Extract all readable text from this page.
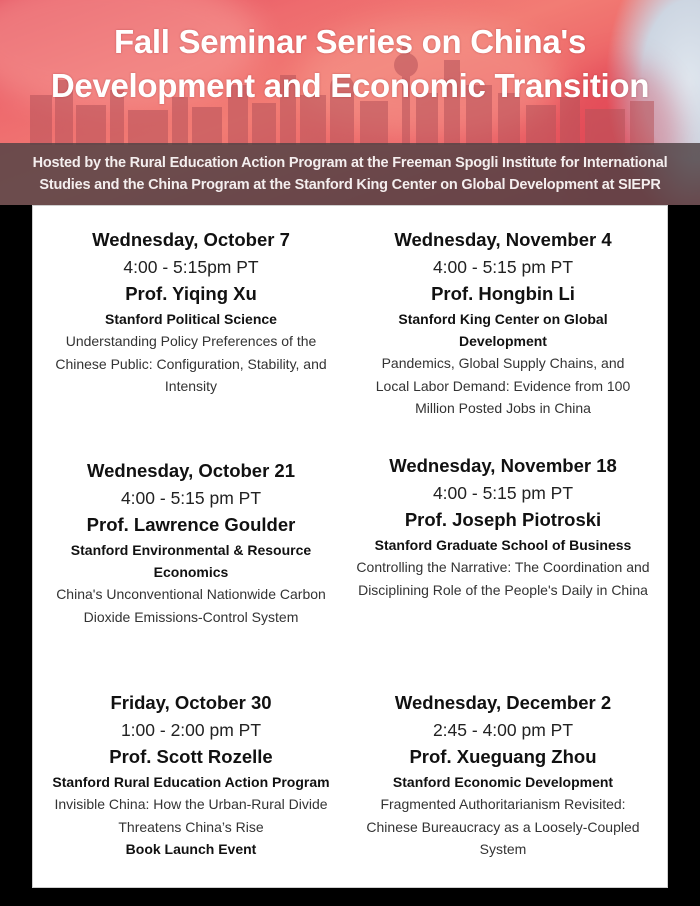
Fall Seminar Series on China's
Development and Economic Transition
Hosted by the Rural Education Action Program at the Freeman Spogli Institute for International Studies and the China Program at the Stanford King Center on Global Development at SIEPR
Wednesday, October 7
4:00 - 5:15pm PT
Prof. Yiqing Xu
Stanford Political Science
Understanding Policy Preferences of the Chinese Public: Configuration, Stability, and Intensity
Wednesday, November 4
4:00 - 5:15 pm PT
Prof. Hongbin Li
Stanford King Center on Global Development
Pandemics, Global Supply Chains, and Local Labor Demand: Evidence from 100 Million Posted Jobs in China
Wednesday, October 21
4:00 - 5:15 pm PT
Prof. Lawrence Goulder
Stanford Environmental & Resource Economics
China's Unconventional Nationwide Carbon Dioxide Emissions-Control System
Wednesday, November 18
4:00 - 5:15 pm PT
Prof. Joseph Piotroski
Stanford Graduate School of Business
Controlling the Narrative: The Coordination and Disciplining Role of the People's Daily in China
Friday, October 30
1:00 - 2:00 pm PT
Prof. Scott Rozelle
Stanford Rural Education Action Program
Invisible China: How the Urban-Rural Divide Threatens China’s Rise
Book Launch Event
Wednesday, December 2
2:45 - 4:00 pm PT
Prof. Xueguang Zhou
Stanford Economic Development
Fragmented Authoritarianism Revisited: Chinese Bureaucracy as a Loosely-Coupled System
